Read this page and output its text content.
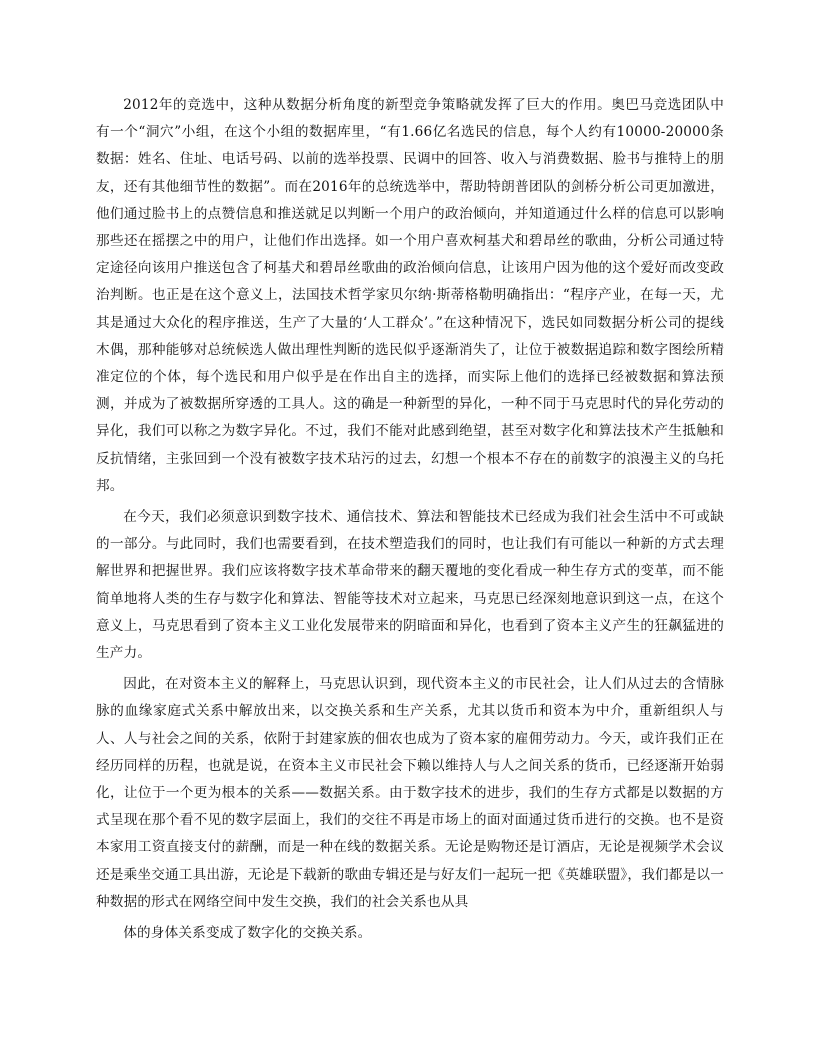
2012年的竞选中，这种从数据分析角度的新型竞争策略就发挥了巨大的作用。奥巴马竞选团队中有一个“洞穴”小组，在这个小组的数据库里，“有1.66亿名选民的信息，每个人约有10000-20000条数据：姓名、住址、电话号码、以前的选举投票、民调中的回答、收入与消费数据、脸书与推特上的朋友，还有其他细节性的数据”。而在2016年的总统选举中，帮助特朗普团队的剑桥分析公司更加激进，他们通过脸书上的点赞信息和推送就足以判断一个用户的政治倾向，并知道通过什么样的信息可以影响那些还在摇摆之中的用户，让他们作出选择。如一个用户喜欢柯基犬和碧昂丝的歌曲，分析公司通过特定途径向该用户推送包含了柯基犬和碧昂丝歌曲的政治倾向信息，让该用户因为他的这个爱好而改变政治判断。也正是在这个意义上，法国技术哲学家贝尔纳·斯蒂格勒明确指出：“程序产业，在每一天，尤其是通过大众化的程序推送，生产了大量的‘人工群众’。”在这种情况下，选民如同数据分析公司的提线木偶，那种能够对总统候选人做出理性判断的选民似乎逐渐消失了，让位于被数据追踪和数字图绘所精准定位的个体，每个选民和用户似乎是在作出自主的选择，而实际上他们的选择已经被数据和算法预测，并成为了被数据所穿透的工具人。这的确是一种新型的异化，一种不同于马克思时代的异化劳动的异化，我们可以称之为数字异化。不过，我们不能对此感到绝望，甚至对数字化和算法技术产生抵触和反抗情绪，主张回到一个没有被数字技术玷污的过去，幻想一个根本不存在的前数字的浪漫主义的乌托邦。

在今天，我们必须意识到数字技术、通信技术、算法和智能技术已经成为我们社会生活中不可或缺的一部分。与此同时，我们也需要看到，在技术塑造我们的同时，也让我们有可能以一种新的方式去理解世界和把握世界。我们应该将数字技术革命带来的翻天覆地的变化看成一种生存方式的变革，而不能简单地将人类的生存与数字化和算法、智能等技术对立起来，马克思已经深刻地意识到这一点，在这个意义上，马克思看到了资本主义工业化发展带来的阴暗面和异化，也看到了资本主义产生的狂飙猛进的生产力。

因此，在对资本主义的解释上，马克思认识到，现代资本主义的市民社会，让人们从过去的含情脉脉的血缘家庭式关系中解放出来，以交换关系和生产关系，尤其以货币和资本为中介，重新组织人与人、人与社会之间的关系，依附于封建家族的佃农也成为了资本家的雇佣劳动力。今天，或许我们正在经历同样的历程，也就是说，在资本主义市民社会下赖以维持人与人之间关系的货币，已经逐渐开始弱化，让位于一个更为根本的关系——数据关系。由于数字技术的进步，我们的生存方式都是以数据的方式呈现在那个看不见的数字层面上，我们的交往不再是市场上的面对面通过货币进行的交换。也不是资本家用工资直接支付的薪酬，而是一种在线的数据关系。无论是购物还是订酒店，无论是视频学术会议还是乘坐交通工具出游，无论是下载新的歌曲专辑还是与好友们一起玩一把《英雄联盟》，我们都是以一种数据的形式在网络空间中发生交换，我们的社会关系也从具

体的身体关系变成了数字化的交换关系。
